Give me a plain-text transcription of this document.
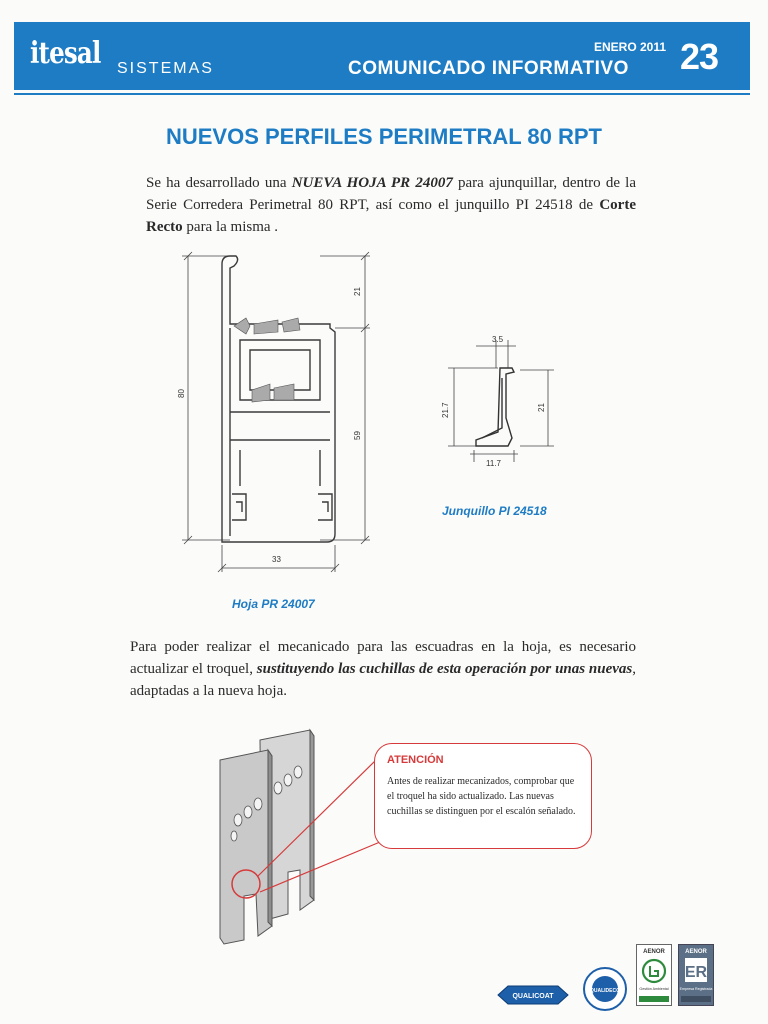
itesal SISTEMAS
ENERO 2011
COMUNICADO INFORMATIVO 23
NUEVOS PERFILES PERIMETRAL 80 RPT

Se ha desarrollado una NUEVA HOJA PR 24007 para ajunquillar, dentro de la Serie Corredera Perimetral 80 RPT, así como el junquillo PI 24518 de Corte Recto para la misma .

80
21
59
33
Hoja PR 24007
3.5
21.7	21
11.7
Junquillo PI 24518

Para poder realizar el mecanicado para las escuadras en la hoja, es necesario actualizar el troquel, sustituyendo las cuchillas de esta operación por unas nuevas, adaptadas a la nueva hoja.

ATENCIÓN
Antes de realizar mecanizados, comprobar que el troquel ha sido actualizado. Las nuevas cuchillas se distinguen por el escalón señalado.
QUALICOAT
QUALIDECO
AENOR
Gestión Ambiental
AENOR
ER
Empresa Registrada
